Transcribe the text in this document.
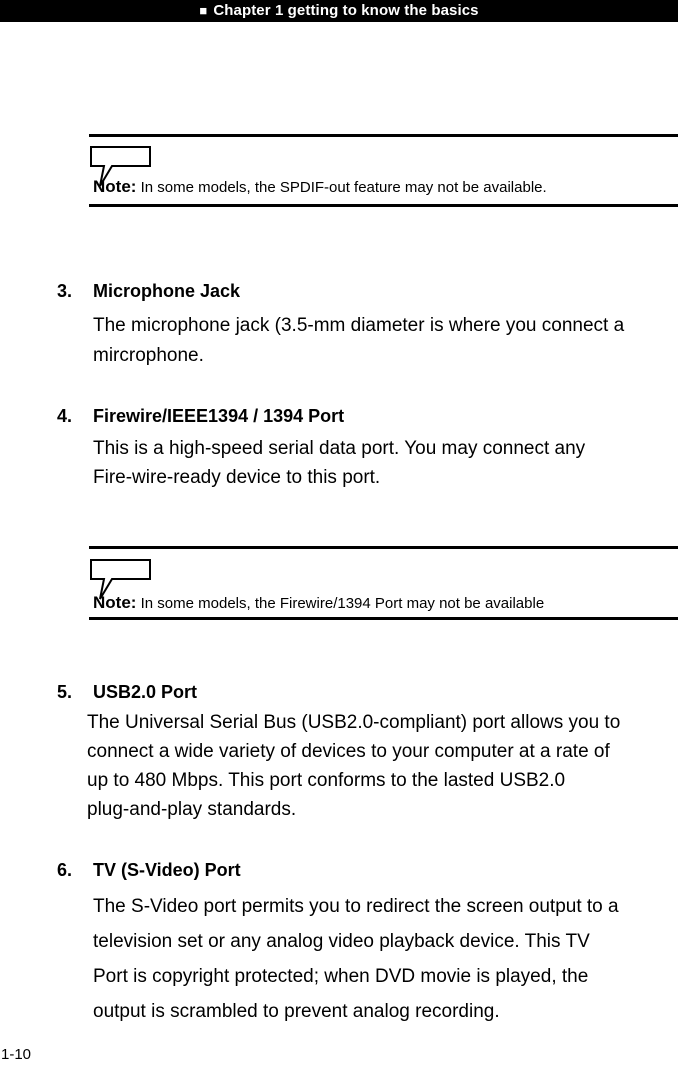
■ Chapter 1 getting to know the basics
Note: In some models, the SPDIF-out feature may not be available.
3. Microphone Jack
The microphone jack (3.5-mm diameter is where you connect a
mircrophone.
4. Firewire/IEEE1394 / 1394 Port
This is a high-speed serial data port. You may connect any
Fire-wire-ready device to this port.
Note: In some models, the Firewire/1394 Port may not be available
5. USB2.0 Port
The Universal Serial Bus (USB2.0-compliant) port allows you to
connect a wide variety of devices to your computer at a rate of
up to 480 Mbps. This port conforms to the lasted USB2.0
plug-and-play standards.
6. TV (S-Video) Port
The S-Video port permits you to redirect the screen output to a
television set or any analog video playback device. This TV
Port is copyright protected; when DVD movie is played, the
output is scrambled to prevent analog recording.
1-10
